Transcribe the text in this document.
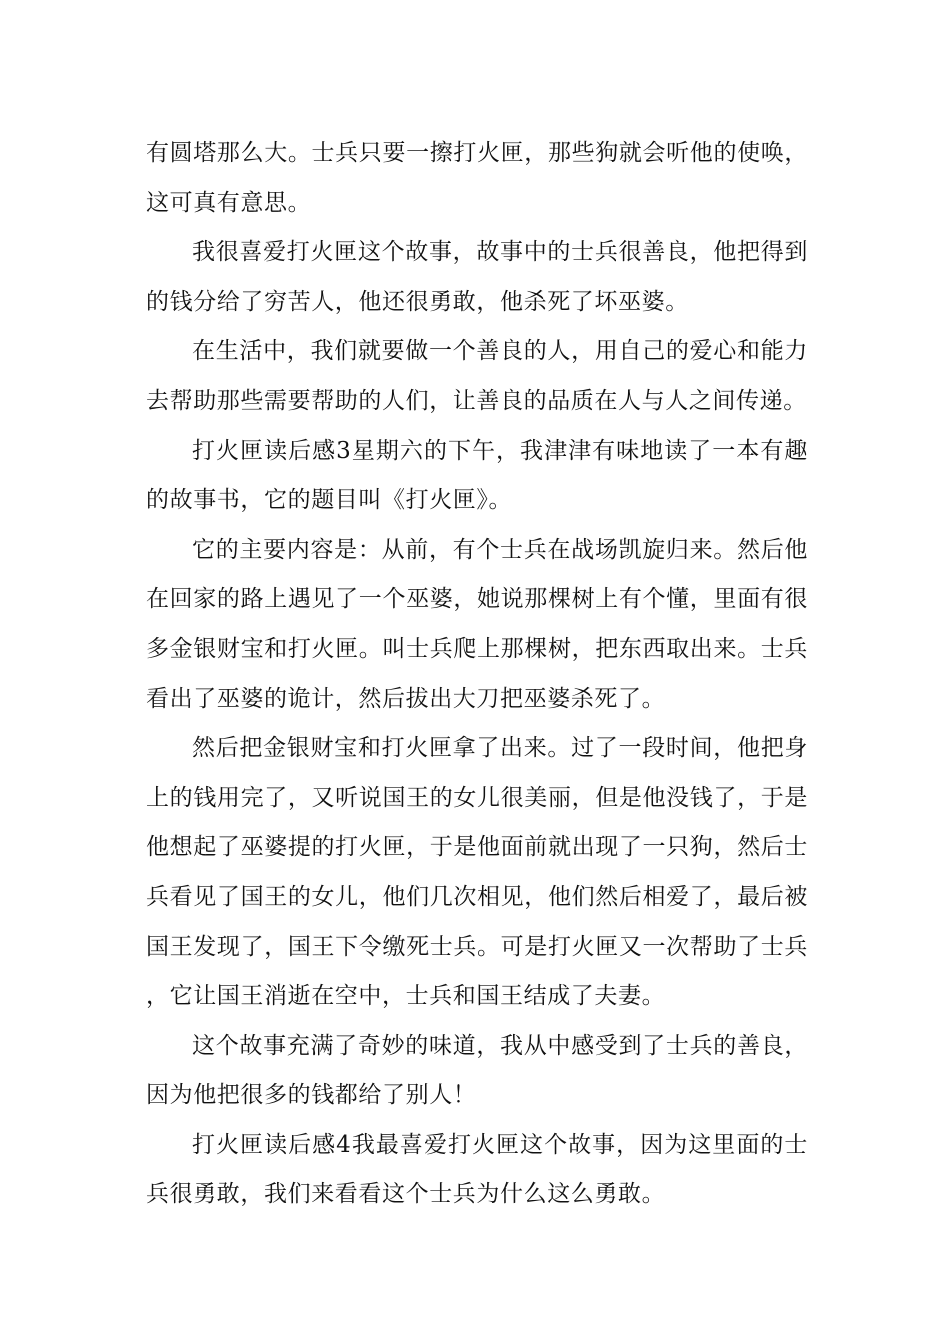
有圆塔那么大。士兵只要一擦打火匣，那些狗就会听他的使唤，这可真有意思。

我很喜爱打火匣这个故事，故事中的士兵很善良，他把得到的钱分给了穷苦人，他还很勇敢，他杀死了坏巫婆。

在生活中，我们就要做一个善良的人，用自己的爱心和能力去帮助那些需要帮助的人们，让善良的品质在人与人之间传递。

打火匣读后感3星期六的下午，我津津有味地读了一本有趣的故事书，它的题目叫《打火匣》。

它的主要内容是：从前，有个士兵在战场凯旋归来。然后他在回家的路上遇见了一个巫婆，她说那棵树上有个懂，里面有很多金银财宝和打火匣。叫士兵爬上那棵树，把东西取出来。士兵看出了巫婆的诡计，然后拔出大刀把巫婆杀死了。

然后把金银财宝和打火匣拿了出来。过了一段时间，他把身上的钱用完了，又听说国王的女儿很美丽，但是他没钱了，于是他想起了巫婆提的打火匣，于是他面前就出现了一只狗，然后士兵看见了国王的女儿，他们几次相见，他们然后相爱了，最后被国王发现了，国王下令缴死士兵。可是打火匣又一次帮助了士兵，它让国王消逝在空中，士兵和国王结成了夫妻。

这个故事充满了奇妙的味道，我从中感受到了士兵的善良，因为他把很多的钱都给了别人！

打火匣读后感4我最喜爱打火匣这个故事，因为这里面的士兵很勇敢，我们来看看这个士兵为什么这么勇敢。
